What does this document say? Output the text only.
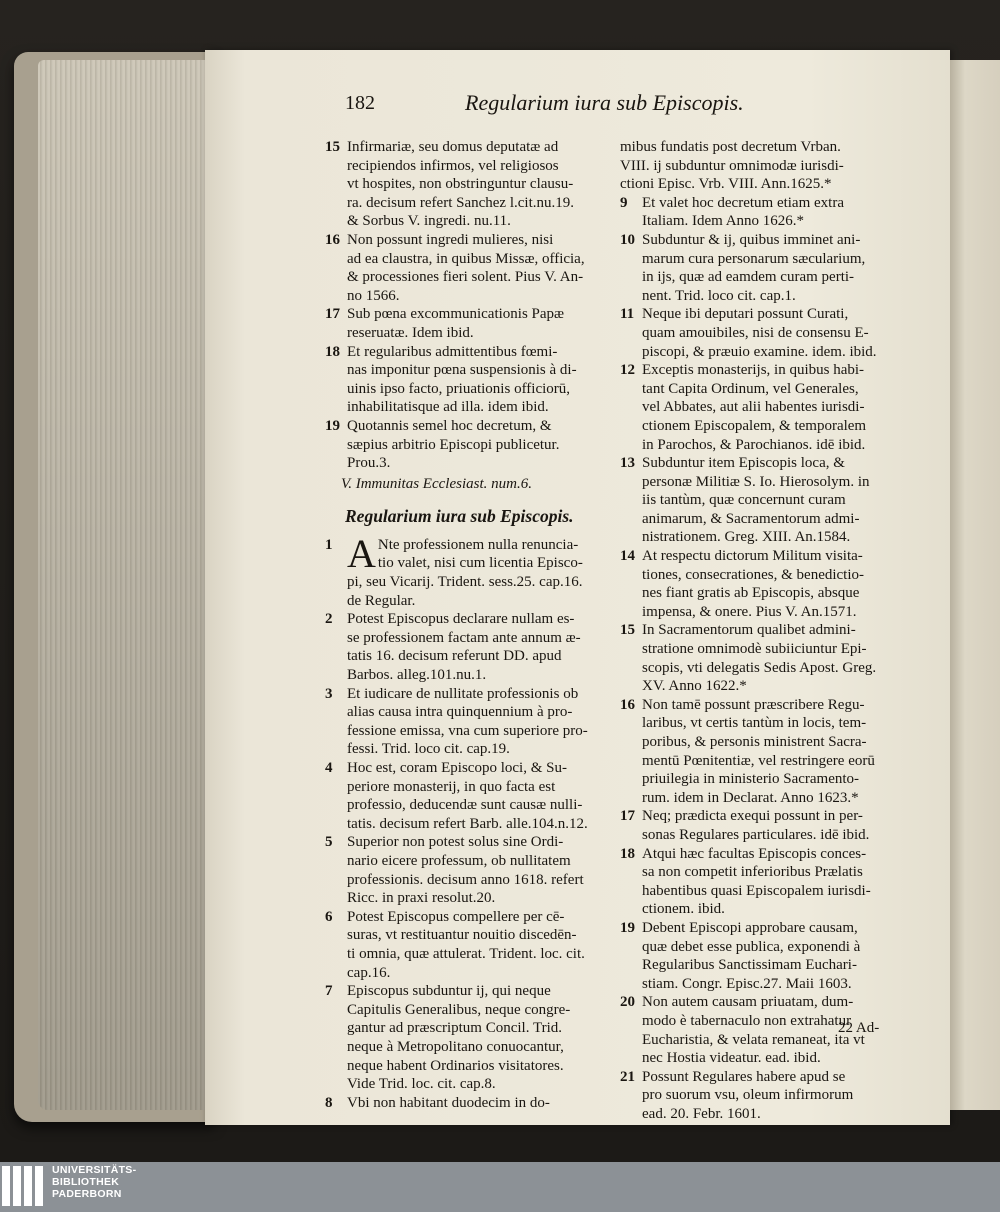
182	Regularium iura sub Episcopis.
15 Infirmariæ, seu domus deputatæ ad
recipiendos infirmos, vel religiosos
vt hospites, non obstringuntur clausu-
ra. decisum refert Sanchez l.cit.nu.19.
& Sorbus V. ingredi. nu.11.
16 Non possunt ingredi mulieres, nisi
ad ea claustra, in quibus Missæ, officia,
& processiones fieri solent. Pius V. An-
no 1566.
17 Sub pœna excommunicationis Papæ
reseruatæ. Idem ibid.
18 Et regularibus admittentibus fœmi-
nas imponitur pœna suspensionis à di-
uinis ipso facto, priuationis officiorū,
inhabilitatisque ad illa. idem ibid.
19 Quotannis semel hoc decretum, &
sæpius arbitrio Episcopi publicetur.
Prou.3.
V. Immunitas Ecclesiast. num.6.
Regularium iura sub Episcopis.
1 A Nte professionem nulla renuncia-
tio valet, nisi cum licentia Episco-
pi, seu Vicarij. Trident. sess.25. cap.16.
de Regular.
2 Potest Episcopus declarare nullam es-
se professionem factam ante annum æ-
tatis 16. decisum referunt DD. apud
Barbos. alleg.101.nu.1.
3 Et iudicare de nullitate professionis ob
alias causa intra quinquennium à pro-
fessione emissa, vna cum superiore pro-
fessi. Trid. loco cit. cap.19.
4 Hoc est, coram Episcopo loci, & Su-
periore monasterij, in quo facta est
professio, deducendæ sunt causæ nulli-
tatis. decisum refert Barb. alle.104.n.12.
5 Superior non potest solus sine Ordi-
nario eicere professum, ob nullitatem
professionis. decisum anno 1618. refert
Ricc. in praxi resolut.20.
6 Potest Episcopus compellere per cē-
suras, vt restituantur nouitio discedēn-
ti omnia, quæ attulerat. Trident. loc. cit.
cap.16.
7 Episcopus subduntur ij, qui neque
Capitulis Generalibus, neque congre-
gantur ad præscriptum Concil. Trid.
neque à Metropolitano conuocantur,
neque habent Ordinarios visitatores.
Vide Trid. loc. cit. cap.8.
8 Vbi non habitant duodecim in do-
mibus fundatis post decretum Vrban.
VIII. ij subduntur omnimodæ iurisdi-
ctioni Episc. Vrb. VIII. Ann.1625.*
9 Et valet hoc decretum etiam extra
Italiam. Idem Anno 1626.*
10 Subduntur & ij, quibus imminet ani-
marum cura personarum sæcularium,
in ijs, quæ ad eamdem curam perti-
nent. Trid. loco cit. cap.1.
11 Neque ibi deputari possunt Curati,
quam amouibiles, nisi de consensu E-
piscopi, & præuio examine. idem. ibid.
12 Exceptis monasterijs, in quibus habi-
tant Capita Ordinum, vel Generales,
vel Abbates, aut alii habentes iurisdi-
ctionem Episcopalem, & temporalem
in Parochos, & Parochianos. idē ibid.
13 Subduntur item Episcopis loca, &
personæ Militiæ S. Io. Hierosolym. in
iis tantùm, quæ concernunt curam
animarum, & Sacramentorum admi-
nistrationem. Greg. XIII. An.1584.
14 At respectu dictorum Militum visita-
tiones, consecrationes, & benedictio-
nes fiant gratis ab Episcopis, absque
impensa, & onere. Pius V. An.1571.
15 In Sacramentorum qualibet admini-
stratione omnimodè subiiciuntur Epi-
scopis, vti delegatis Sedis Apost. Greg.
XV. Anno 1622.*
16 Non tamē possunt præscribere Regu-
laribus, vt certis tantùm in locis, tem-
poribus, & personis ministrent Sacra-
mentū Pœnitentiæ, vel restringere eorū
priuilegia in ministerio Sacramento-
rum. idem in Declarat. Anno 1623.*
17 Neq; prædicta exequi possunt in per-
sonas Regulares particulares. idē ibid.
18 Atqui hæc facultas Episcopis conces-
sa non competit inferioribus Prælatis
habentibus quasi Episcopalem iurisdi-
ctionem. ibid.
19 Debent Episcopi approbare causam,
quæ debet esse publica, exponendi à
Regularibus Sanctissimam Euchari-
stiam. Congr. Episc.27. Maii 1603.
20 Non autem causam priuatam, dum-
modo è tabernaculo non extrahatur
Eucharistia, & velata remaneat, ita vt
nec Hostia videatur. ead. ibid.
21 Possunt Regulares habere apud se
pro suorum vsu, oleum infirmorum
ead. 20. Febr. 1601.
22 Ad-
UNIVERSITÄTS-
BIBLIOTHEK
PADERBORN
